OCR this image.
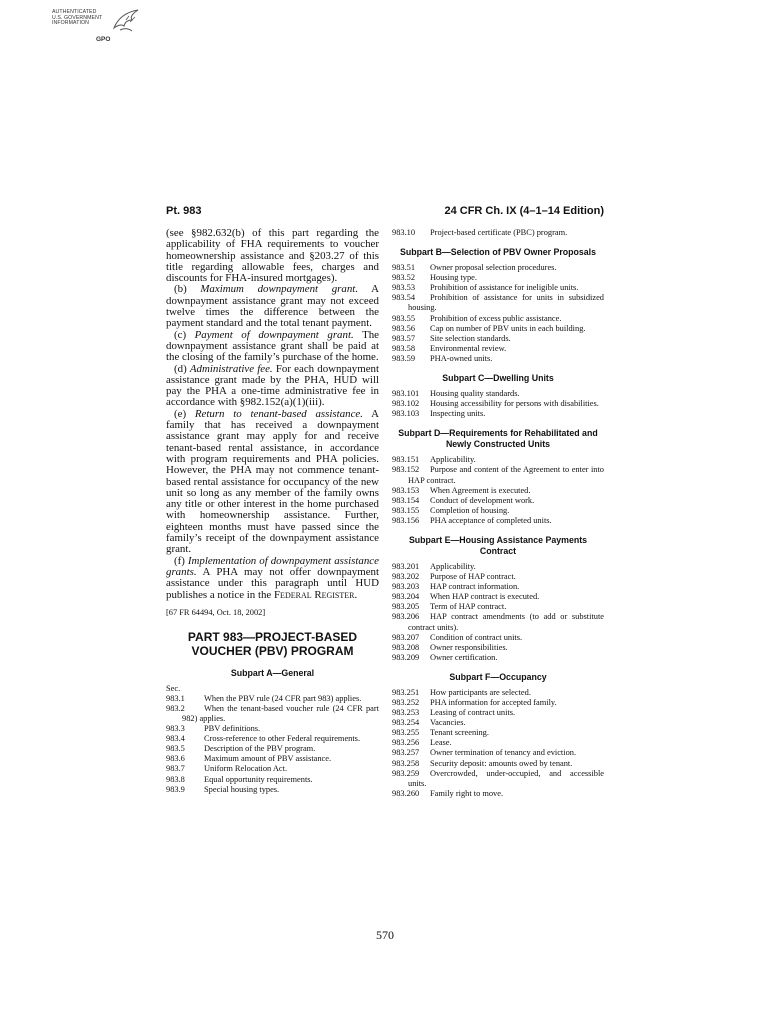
AUTHENTICATED
U.S. GOVERNMENT
INFORMATION
GPO
Pt. 983	24 CFR Ch. IX (4–1–14 Edition)

(see §982.632(b) of this part regarding the applicability of FHA requirements to voucher homeownership assistance and §203.27 of this title regarding allowable fees, charges and discounts for FHA-insured mortgages).

(b) Maximum downpayment grant. A downpayment assistance grant may not exceed twelve times the difference between the payment standard and the total tenant payment.

(c) Payment of downpayment grant. The downpayment assistance grant shall be paid at the closing of the family’s purchase of the home.

(d) Administrative fee. For each downpayment assistance grant made by the PHA, HUD will pay the PHA a one-time administrative fee in accordance with §982.152(a)(1)(iii).

(e) Return to tenant-based assistance. A family that has received a downpayment assistance grant may apply for and receive tenant-based rental assistance, in accordance with program requirements and PHA policies. However, the PHA may not commence tenant-based rental assistance for occupancy of the new unit so long as any member of the family owns any title or other interest in the home purchased with homeownership assistance. Further, eighteen months must have passed since the family’s receipt of the downpayment assistance grant.

(f) Implementation of downpayment assistance grants. A PHA may not offer downpayment assistance under this paragraph until HUD publishes a notice in the Federal Register.

[67 FR 64494, Oct. 18, 2002]

PART 983—PROJECT-BASED VOUCHER (PBV) PROGRAM
Subpart A—General
Sec.
983.1 When the PBV rule (24 CFR part 983) applies.
983.2 When the tenant-based voucher rule (24 CFR part 982) applies.
983.3 PBV definitions.
983.4 Cross-reference to other Federal requirements.
983.5 Description of the PBV program.
983.6 Maximum amount of PBV assistance.
983.7 Uniform Relocation Act.
983.8 Equal opportunity requirements.
983.9 Special housing types.
983.10 Project-based certificate (PBC) program.
Subpart B—Selection of PBV Owner Proposals
983.51 Owner proposal selection procedures.
983.52 Housing type.
983.53 Prohibition of assistance for ineligible units.
983.54 Prohibition of assistance for units in subsidized housing.
983.55 Prohibition of excess public assistance.
983.56 Cap on number of PBV units in each building.
983.57 Site selection standards.
983.58 Environmental review.
983.59 PHA-owned units.
Subpart C—Dwelling Units
983.101 Housing quality standards.
983.102 Housing accessibility for persons with disabilities.
983.103 Inspecting units.
Subpart D—Requirements for Rehabilitated and Newly Constructed Units
983.151 Applicability.
983.152 Purpose and content of the Agreement to enter into HAP contract.
983.153 When Agreement is executed.
983.154 Conduct of development work.
983.155 Completion of housing.
983.156 PHA acceptance of completed units.
Subpart E—Housing Assistance Payments Contract
983.201 Applicability.
983.202 Purpose of HAP contract.
983.203 HAP contract information.
983.204 When HAP contract is executed.
983.205 Term of HAP contract.
983.206 HAP contract amendments (to add or substitute contract units).
983.207 Condition of contract units.
983.208 Owner responsibilities.
983.209 Owner certification.
Subpart F—Occupancy
983.251 How participants are selected.
983.252 PHA information for accepted family.
983.253 Leasing of contract units.
983.254 Vacancies.
983.255 Tenant screening.
983.256 Lease.
983.257 Owner termination of tenancy and eviction.
983.258 Security deposit: amounts owed by tenant.
983.259 Overcrowded, under-occupied, and accessible units.
983.260 Family right to move.
570
